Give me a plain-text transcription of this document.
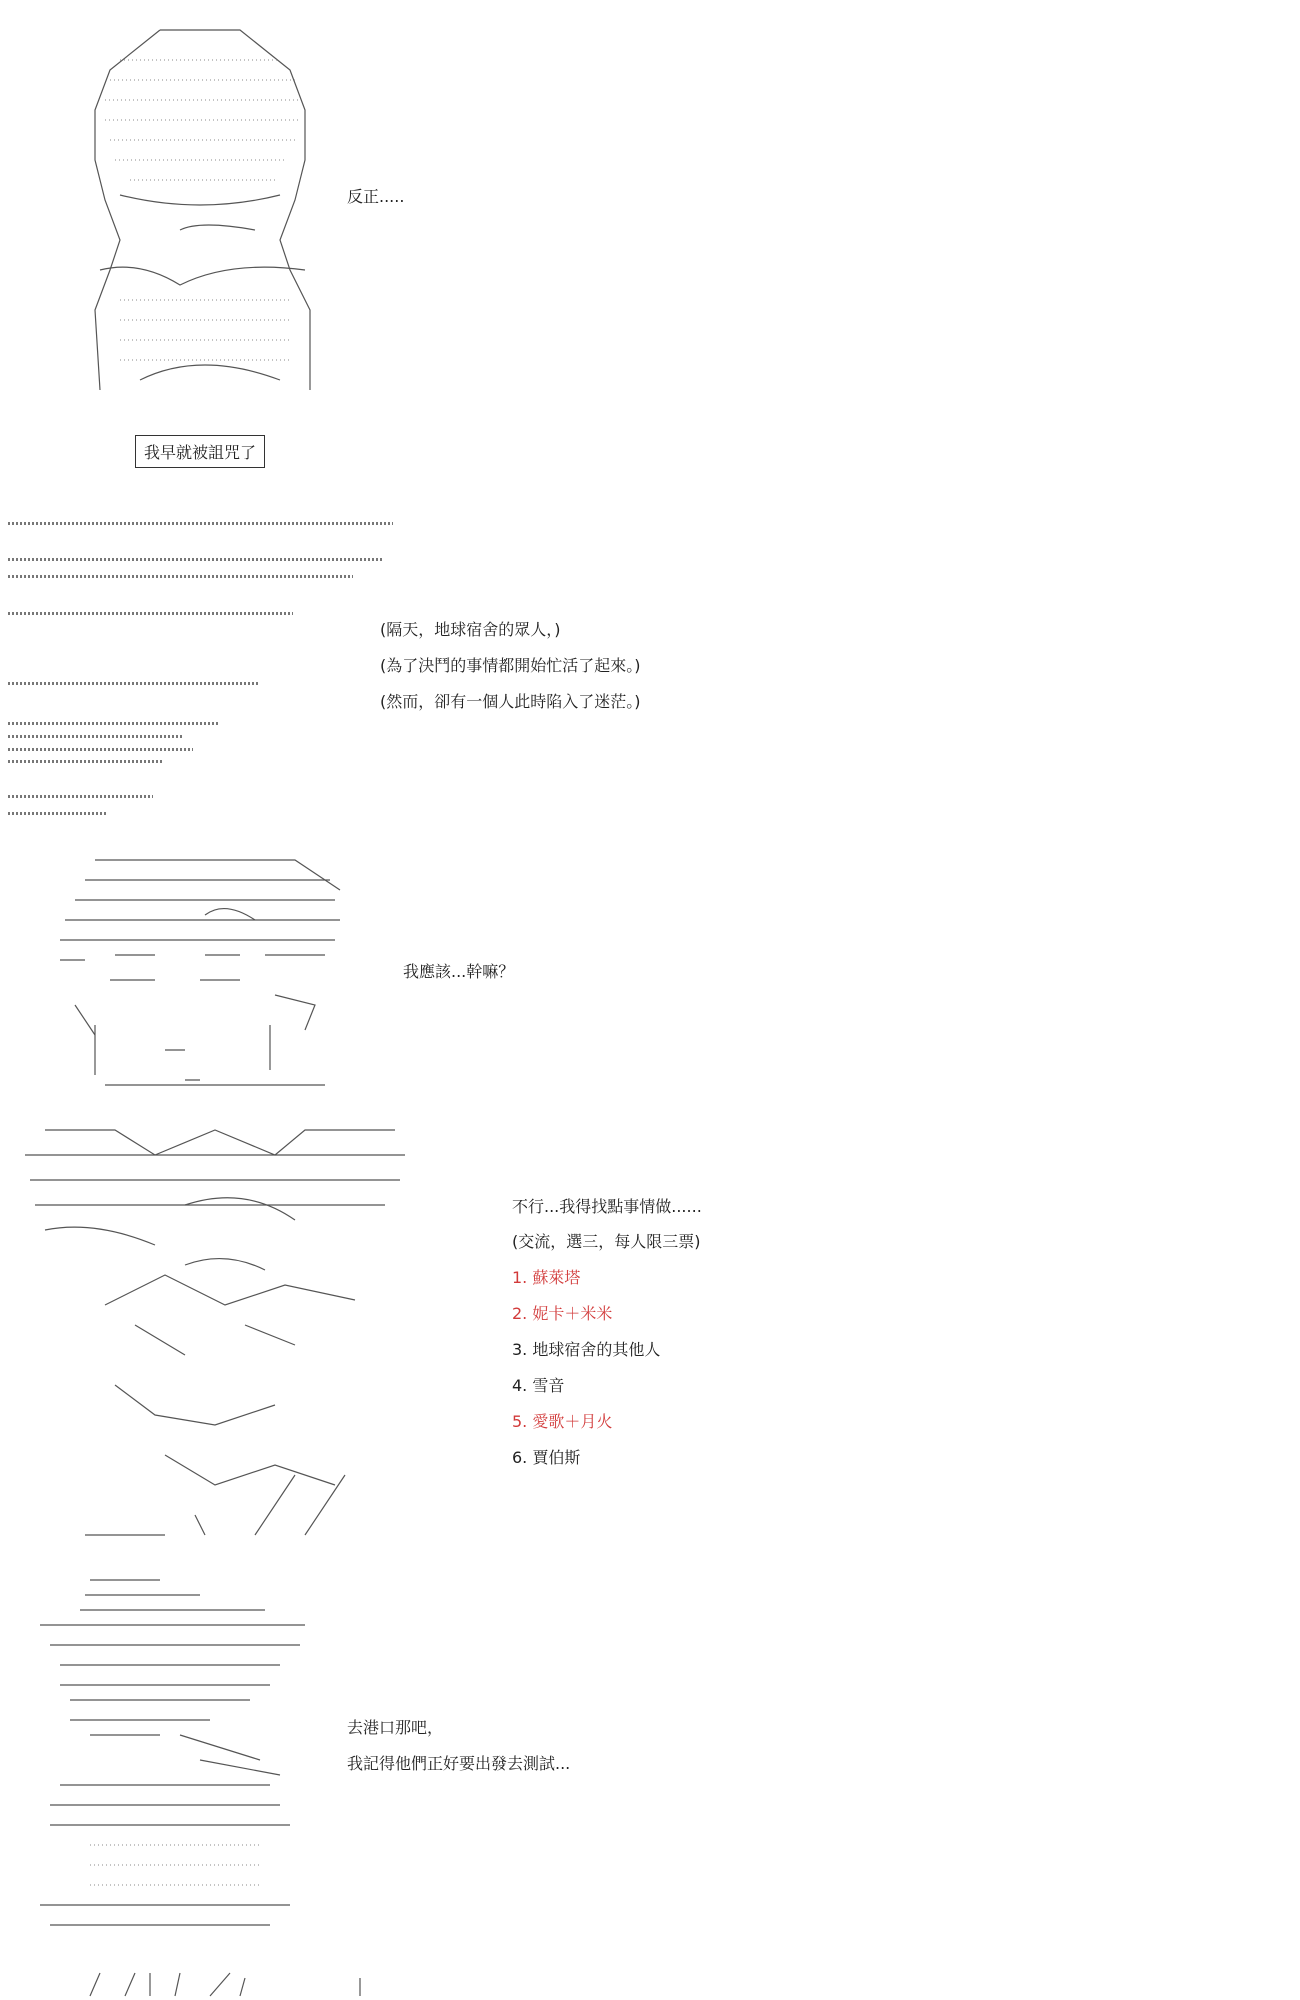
反正.....
我早就被詛咒了
(隔天，地球宿舍的眾人，)
(為了決鬥的事情都開始忙活了起來。)
(然而，卻有一個人此時陷入了迷茫。)
我應該...幹嘛？
不行...我得找點事情做......
(交流，選三，每人限三票)
1. 蘇萊塔
2. 妮卡＋米米
3. 地球宿舍的其他人
4. 雪音
5. 愛歌＋月火
6. 賈伯斯
去港口那吧，
我記得他們正好要出發去測試...
